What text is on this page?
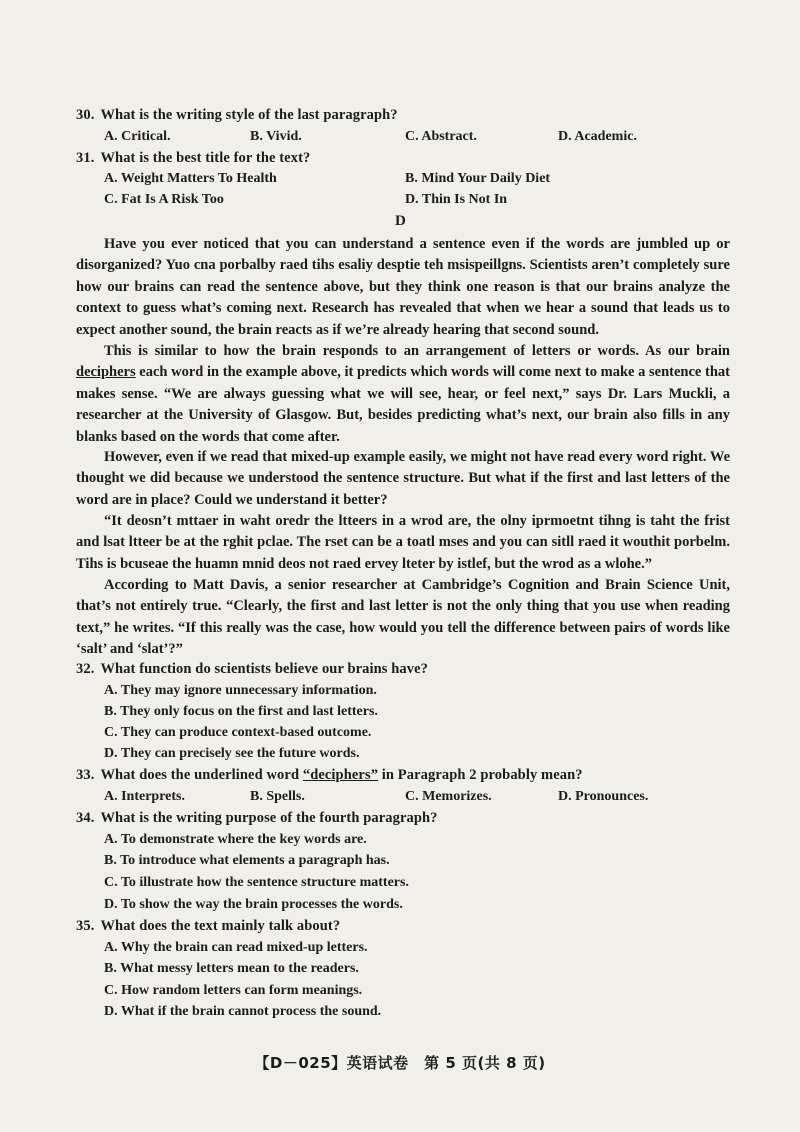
30. What is the writing style of the last paragraph?
A. Critical.	B. Vivid.	C. Abstract.	D. Academic.
31. What is the best title for the text?
A. Weight Matters To Health	B. Mind Your Daily Diet
C. Fat Is A Risk Too	D. Thin Is Not In
D

Have you ever noticed that you can understand a sentence even if the words are jumbled up or disorganized? Yuo cna porbalby raed tihs esaliy desptie teh msispeillgns. Scientists aren’t completely sure how our brains can read the sentence above, but they think one reason is that our brains analyze the context to guess what’s coming next. Research has revealed that when we hear a sound that leads us to expect another sound, the brain reacts as if we’re already hearing that second sound.

This is similar to how the brain responds to an arrangement of letters or words. As our brain deciphers each word in the example above, it predicts which words will come next to make a sentence that makes sense. “We are always guessing what we will see, hear, or feel next,” says Dr. Lars Muckli, a researcher at the University of Glasgow. But, besides predicting what’s next, our brain also fills in any blanks based on the words that come after.

However, even if we read that mixed-up example easily, we might not have read every word right. We thought we did because we understood the sentence structure. But what if the first and last letters of the word are in place? Could we understand it better?

“It deosn’t mttaer in waht oredr the ltteers in a wrod are, the olny iprmoetnt tihng is taht the frist and lsat ltteer be at the rghit pclae. The rset can be a toatl mses and you can sitll raed it wouthit porbelm. Tihs is bcuseae the huamn mnid deos not raed ervey lteter by istlef, but the wrod as a wlohe.”

According to Matt Davis, a senior researcher at Cambridge’s Cognition and Brain Science Unit, that’s not entirely true. “Clearly, the first and last letter is not the only thing that you use when reading text,” he writes. “If this really was the case, how would you tell the difference between pairs of words like ‘salt’ and ‘slat’?”

32. What function do scientists believe our brains have?
A. They may ignore unnecessary information.
B. They only focus on the first and last letters.
C. They can produce context-based outcome.
D. They can precisely see the future words.
33. What does the underlined word “deciphers” in Paragraph 2 probably mean?
A. Interprets.	B. Spells.	C. Memorizes.	D. Pronounces.
34. What is the writing purpose of the fourth paragraph?
A. To demonstrate where the key words are.
B. To introduce what elements a paragraph has.
C. To illustrate how the sentence structure matters.
D. To show the way the brain processes the words.
35. What does the text mainly talk about?
A. Why the brain can read mixed-up letters.
B. What messy letters mean to the readers.
C. How random letters can form meanings.
D. What if the brain cannot process the sound.
【D－025】英语试卷　第 5 页(共 8 页)
